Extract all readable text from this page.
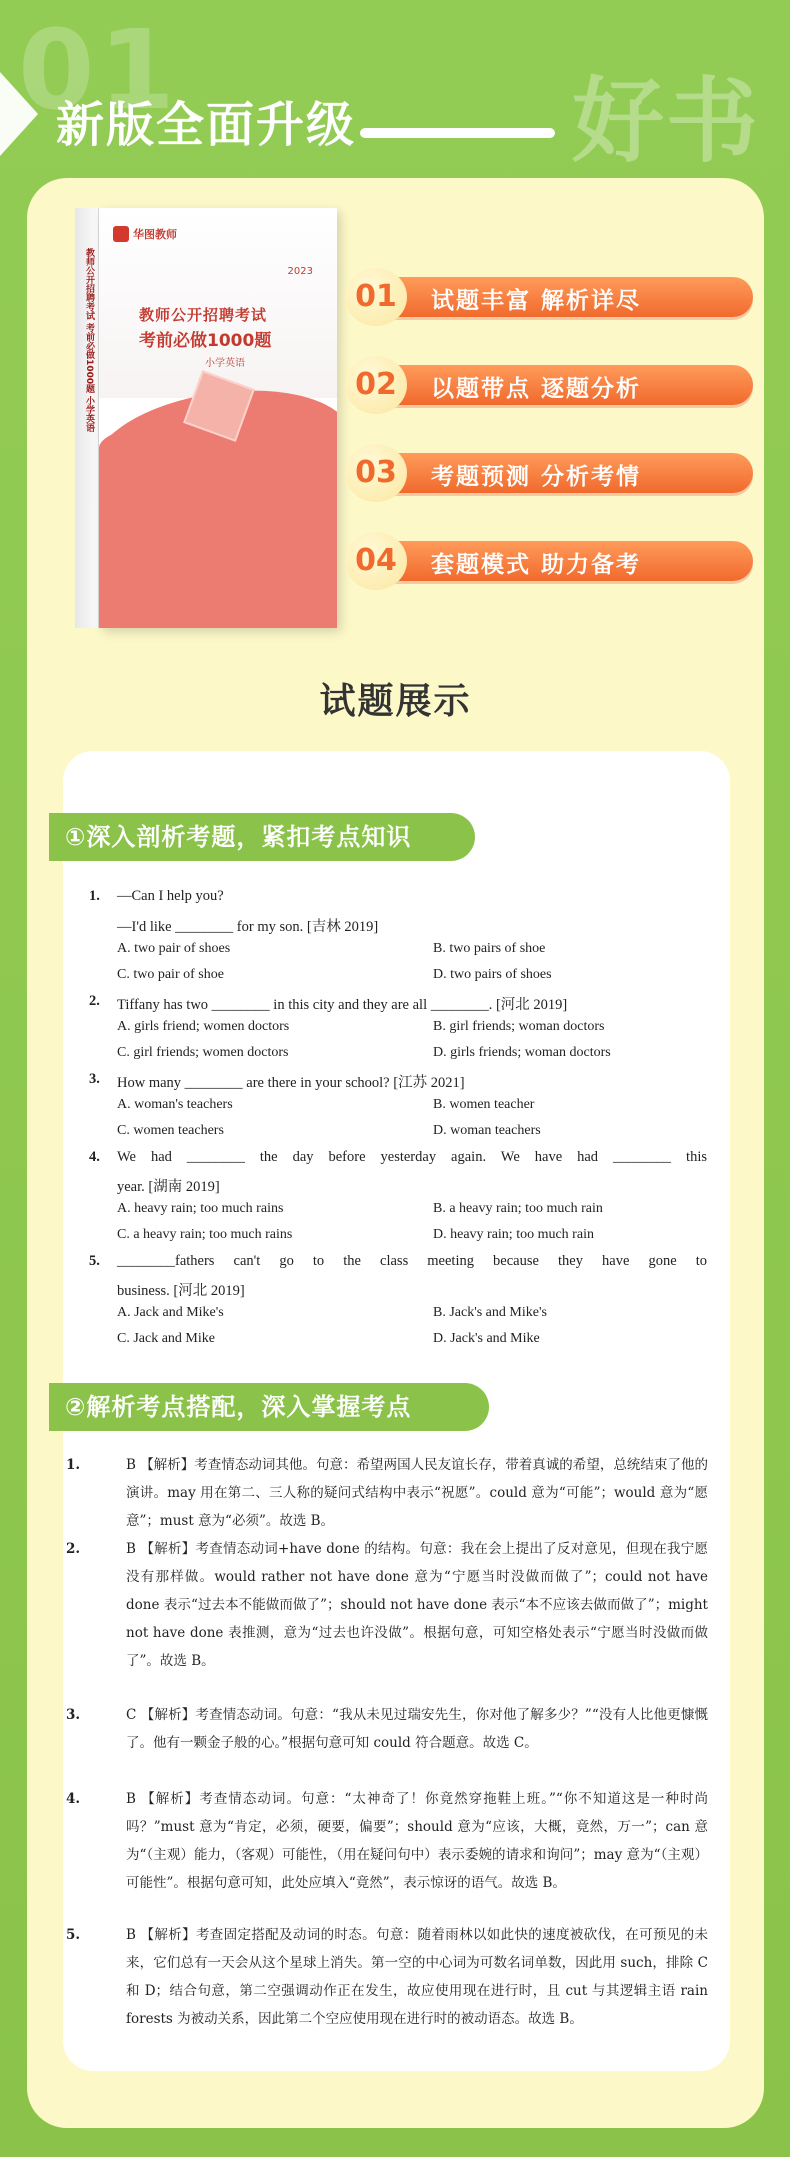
01
新版全面升级 好书
教师公开招聘考试 考前必做1000题 小学英语
华图教师
2023
教师公开招聘考试
考前必做1000题
小学英语
01	试题丰富 解析详尽
02	以题带点 逐题分析
03	考题预测 分析考情
04	套题模式 助力备考
试题展示
①深入剖析考题，紧扣考点知识
1. —Can I help you?
—I'd like ________ for my son. [吉林 2019]
A. two pair of shoes	B. two pairs of shoe
C. two pair of shoe	D. two pairs of shoes
2. Tiffany has two ________ in this city and they are all ________. [河北 2019]
A. girls friend; women doctors	B. girl friends; woman doctors
C. girl friends; women doctors	D. girls friends; woman doctors
3. How many ________ are there in your school? [江苏 2021]
A. woman's teachers	B. women teacher
C. women teachers	D. woman teachers
4. We had ________ the day before yesterday again. We have had ________ this
year. [湖南 2019]
A. heavy rain; too much rains	B. a heavy rain; too much rain
C. a heavy rain; too much rains	D. heavy rain; too much rain
5. ________fathers can't go to the class meeting because they have gone to
business. [河北 2019]
A. Jack and Mike's	B. Jack's and Mike's
C. Jack and Mike	D. Jack's and Mike
②解析考点搭配，深入掌握考点
1.	B 【解析】考查情态动词其他。句意：希望两国人民友谊长存，带着真诚的希望，总统结束了他的演讲。may 用在第二、三人称的疑问式结构中表示“祝愿”。could 意为“可能”；would 意为“愿意”；must 意为“必须”。故选 B。
2.	B 【解析】考查情态动词+have done 的结构。句意：我在会上提出了反对意见，但现在我宁愿没有那样做。would rather not have done 意为“宁愿当时没做而做了”；could not have done 表示“过去本不能做而做了”；should not have done 表示“本不应该去做而做了”；might not have done 表推测，意为“过去也许没做”。根据句意，可知空格处表示“宁愿当时没做而做了”。故选 B。
3.	C 【解析】考查情态动词。句意：“我从未见过瑞安先生，你对他了解多少？”“没有人比他更慷慨了。他有一颗金子般的心。”根据句意可知 could 符合题意。故选 C。
4.	B 【解析】考查情态动词。句意：“太神奇了！你竟然穿拖鞋上班。”“你不知道这是一种时尚吗？”must 意为“肯定，必须，硬要，偏要”；should 意为“应该，大概，竟然，万一”；can 意为“（主观）能力，（客观）可能性，（用在疑问句中）表示委婉的请求和询问”；may 意为“（主观）可能性”。根据句意可知，此处应填入“竟然”，表示惊讶的语气。故选 B。
5.	B 【解析】考查固定搭配及动词的时态。句意：随着雨林以如此快的速度被砍伐，在可预见的未来，它们总有一天会从这个星球上消失。第一空的中心词为可数名词单数，因此用 such，排除 C 和 D；结合句意，第二空强调动作正在发生，故应使用现在进行时，且 cut 与其逻辑主语 rain forests 为被动关系，因此第二个空应使用现在进行时的被动语态。故选 B。
